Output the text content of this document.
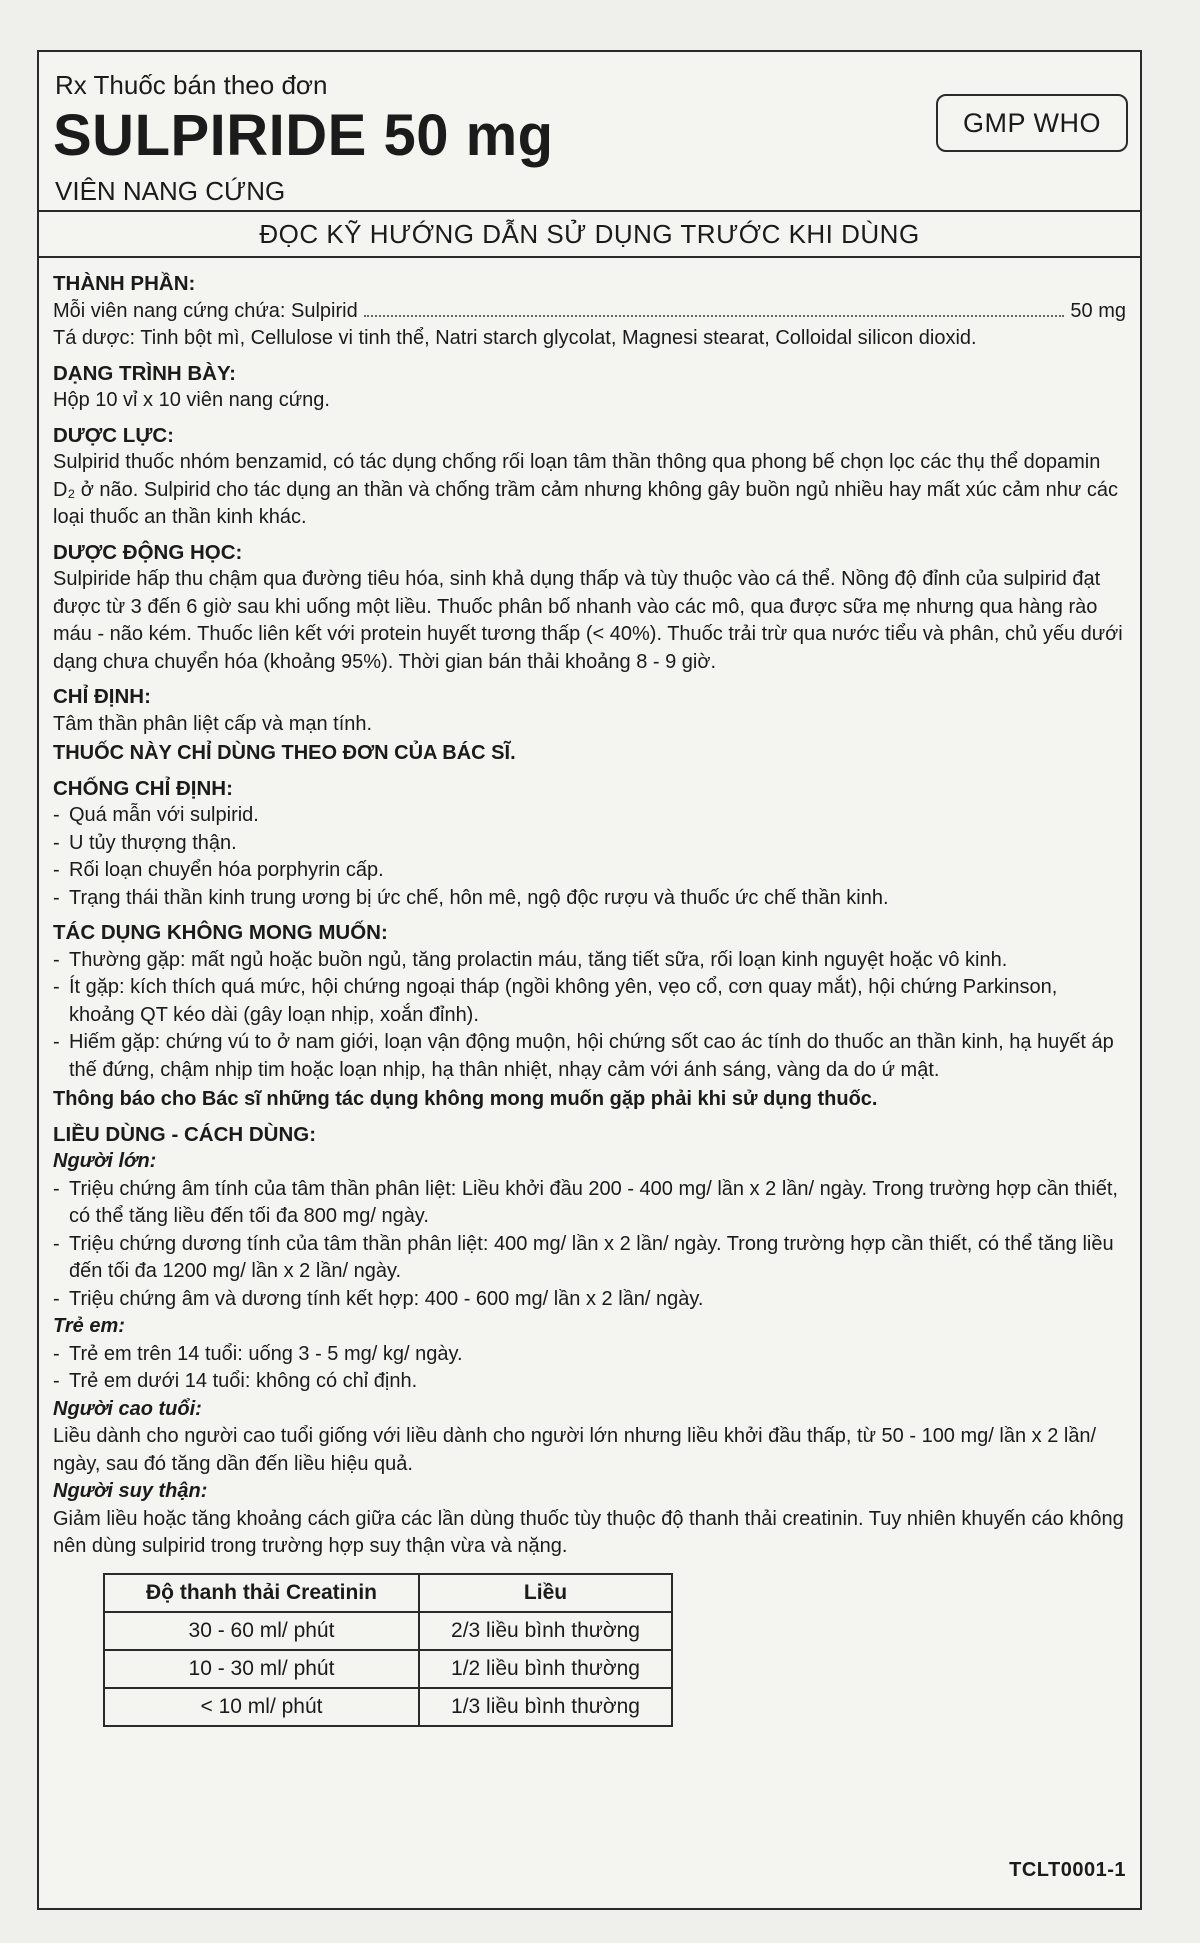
Rx Thuốc bán theo đơn
SULPIRIDE 50 mg
VIÊN NANG CỨNG
GMP WHO
ĐỌC KỸ HƯỚNG DẪN SỬ DỤNG TRƯỚC KHI DÙNG
THÀNH PHẦN:
Mỗi viên nang cứng chứa: Sulpirid	50 mg
Tá dược: Tinh bột mì, Cellulose vi tinh thể, Natri starch glycolat, Magnesi stearat, Colloidal silicon dioxid.
DẠNG TRÌNH BÀY:
Hộp 10 vỉ x 10 viên nang cứng.
DƯỢC LỰC:
Sulpirid thuốc nhóm benzamid, có tác dụng chống rối loạn tâm thần thông qua phong bế chọn lọc các thụ thể dopamin D₂ ở não. Sulpirid cho tác dụng an thần và chống trầm cảm nhưng không gây buồn ngủ nhiều hay mất xúc cảm như các loại thuốc an thần kinh khác.
DƯỢC ĐỘNG HỌC:
Sulpiride hấp thu chậm qua đường tiêu hóa, sinh khả dụng thấp và tùy thuộc vào cá thể. Nồng độ đỉnh của sulpirid đạt được từ 3 đến 6 giờ sau khi uống một liều. Thuốc phân bố nhanh vào các mô, qua được sữa mẹ nhưng qua hàng rào máu - não kém. Thuốc liên kết với protein huyết tương thấp (< 40%). Thuốc trải trừ qua nước tiểu và phân, chủ yếu dưới dạng chưa chuyển hóa (khoảng 95%). Thời gian bán thải khoảng 8 - 9 giờ.
CHỈ ĐỊNH:
Tâm thần phân liệt cấp và mạn tính.
THUỐC NÀY CHỈ DÙNG THEO ĐƠN CỦA BÁC SĨ.
CHỐNG CHỈ ĐỊNH:
- Quá mẫn với sulpirid.
- U tủy thượng thận.
- Rối loạn chuyển hóa porphyrin cấp.
- Trạng thái thần kinh trung ương bị ức chế, hôn mê, ngộ độc rượu và thuốc ức chế thần kinh.
TÁC DỤNG KHÔNG MONG MUỐN:
- Thường gặp: mất ngủ hoặc buồn ngủ, tăng prolactin máu, tăng tiết sữa, rối loạn kinh nguyệt hoặc vô kinh.
- Ít gặp: kích thích quá mức, hội chứng ngoại tháp (ngồi không yên, vẹo cổ, cơn quay mắt), hội chứng Parkinson, khoảng QT kéo dài (gây loạn nhịp, xoắn đỉnh).
- Hiếm gặp: chứng vú to ở nam giới, loạn vận động muộn, hội chứng sốt cao ác tính do thuốc an thần kinh, hạ huyết áp thế đứng, chậm nhịp tim hoặc loạn nhịp, hạ thân nhiệt, nhạy cảm với ánh sáng, vàng da do ứ mật.
Thông báo cho Bác sĩ những tác dụng không mong muốn gặp phải khi sử dụng thuốc.
LIỀU DÙNG - CÁCH DÙNG:
Người lớn:
- Triệu chứng âm tính của tâm thần phân liệt: Liều khởi đầu 200 - 400 mg/ lần x 2 lần/ ngày. Trong trường hợp cần thiết, có thể tăng liều đến tối đa 800 mg/ ngày.
- Triệu chứng dương tính của tâm thần phân liệt: 400 mg/ lần x 2 lần/ ngày. Trong trường hợp cần thiết, có thể tăng liều đến tối đa 1200 mg/ lần x 2 lần/ ngày.
- Triệu chứng âm và dương tính kết hợp: 400 - 600 mg/ lần x 2 lần/ ngày.
Trẻ em:
- Trẻ em trên 14 tuổi: uống 3 - 5 mg/ kg/ ngày.
- Trẻ em dưới 14 tuổi: không có chỉ định.
Người cao tuổi:
Liều dành cho người cao tuổi giống với liều dành cho người lớn nhưng liều khởi đầu thấp, từ 50 - 100 mg/ lần x 2 lần/ ngày, sau đó tăng dần đến liều hiệu quả.
Người suy thận:
Giảm liều hoặc tăng khoảng cách giữa các lần dùng thuốc tùy thuộc độ thanh thải creatinin. Tuy nhiên khuyến cáo không nên dùng sulpirid trong trường hợp suy thận vừa và nặng.
Độ thanh thải Creatinin	Liều
30 - 60 ml/ phút	2/3 liều bình thường
10 - 30 ml/ phút	1/2 liều bình thường
< 10 ml/ phút	1/3 liều bình thường
TCLT0001-1
